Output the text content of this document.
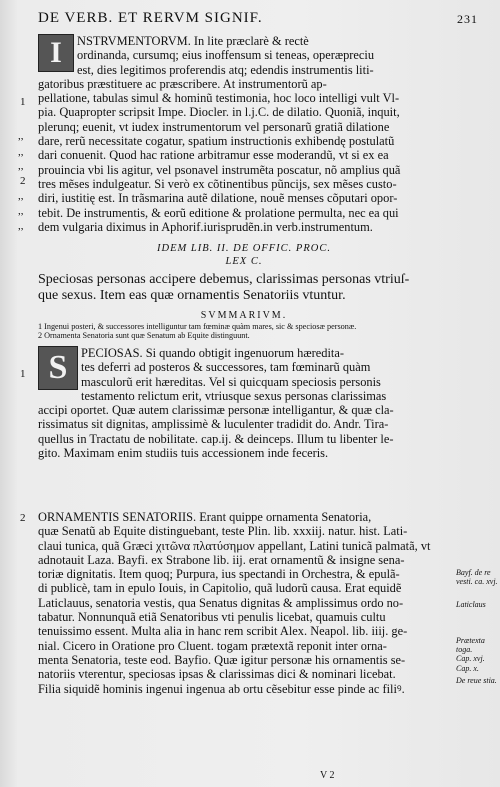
DE VERB. ET RERVM SIGNIF.	231
I	NSTRVMENTORVM. In lite præclarè & rectè
ordinanda, cursumq; eius inoffensum si teneas, operæpreciu
est, dies legitimos proferendis atq; edendis instrumentis liti-
gatoribus præstituere ac præscribere. At instrumentorũ ap-
pellatione, tabulas simul & hominũ testimonia, hoc loco intelligi vult Vl-
pia. Quapropter scripsit Impe. Diocler. in l.j.C. de dilatio. Quoniã, inquit,
plerunq; euenit, vt iudex instrumentorum vel personarũ gratiã dilatione
dare, rerũ necessitate cogatur, spatium instructionis exhibendę postulatũ
dari conuenit. Quod hac ratione arbitramur esse moderandũ, vt si ex ea
prouincia vbi lis agitur, vel psonavel instrumẽta poscatur, nõ amplius quã
tres mẽses indulgeatur. Si verò ex cõtinentibus pũncijs, sex mẽses custo-
diri, iustitię est. In trãsmarina autẽ dilatione, nouẽ menses cõputari opor-
tebit. De instrumentis, & eorũ editione & prolatione permulta, nec ea qui
dem vulgaria diximus in Aphorif.iurisprudẽn.in verb.instrumentum.
1
,,
,,
,,
2
,,
,,
,,
IDEM LIB. II. DE OFFIC. PROC.
LEX C.
Speciosas personas accipere debemus, clarissimas personas vtriuſ-
que sexus. Item eas quæ ornamentis Senatoriis vtuntur.
SVMMARIVM.
1 Ingenui posteri, & successores intelliguntur tam fœminæ quàm mares, sic & speciosæ personæ.
2 Ornamenta Senatoria sunt quæ Senatum ab Equite distinguunt.
1 S	PECIOSAS. Si quando obtigit ingenuorum hæredita-
tes deferri ad posteros & successores, tam fœminarũ quàm
masculorũ erit hæreditas. Vel si quicquam speciosis personis
testamento relictum erit, vtriusque sexus personas clarissimas
accipi oportet. Quæ autem clarissimæ personæ intelligantur, & quæ cla-
rissimatus sit dignitas, amplissimè & luculenter tradidit do. Andr. Tira-
quellus in Tractatu de nobilitate. cap.ij. & deinceps. Illum tu libenter le-
gito. Maximam enim studiis tuis accessionem inde feceris.
2 ORNAMENTIS SENATORIIS. Erant quippe ornamenta Senatoria,
quæ Senatũ ab Equite distinguebant, teste Plin. lib. xxxiij. natur. hist. Lati-
claui tunica, quã Græci χιτῶνα πλατύσημον appellant, Latini tunicã palmatã, vt
adnotauit Laza. Bayfi. ex Strabone lib. iij. erat ornamentũ & insigne sena-
toriæ dignitatis. Item quoq; Purpura, ius spectandi in Orchestra, & epulã-
di publicè, tam in epulo Iouis, in Capitolio, quã ludorũ causa. Erat equidẽ
Laticlauus, senatoria vestis, qua Senatus dignitas & amplissimus ordo no-
tabatur. Nonnunquã etiã Senatoribus vti penulis licebat, quamuis cultu
tenuissimo essent. Multa alia in hanc rem scribit Alex. Neapol. lib. iiij. ge-
nial. Cicero in Oratione pro Cluent. togam prætextã reponit inter orna-
menta Senatoria, teste eod. Bayfio. Quæ igitur personæ his ornamentis se-
natoriis vterentur, speciosas ipsas & clarissimas dici & nominari licebat.
Filia siquidẽ hominis ingenui ingenua ab ortu cẽsebitur esse pinde ac filiꝰ.
Bayf. de re vesti. ca. xvj.
Laticlaus
Prætexta toga.
Cap. xvj.
Cap. x.
De reue stia.
V 2
